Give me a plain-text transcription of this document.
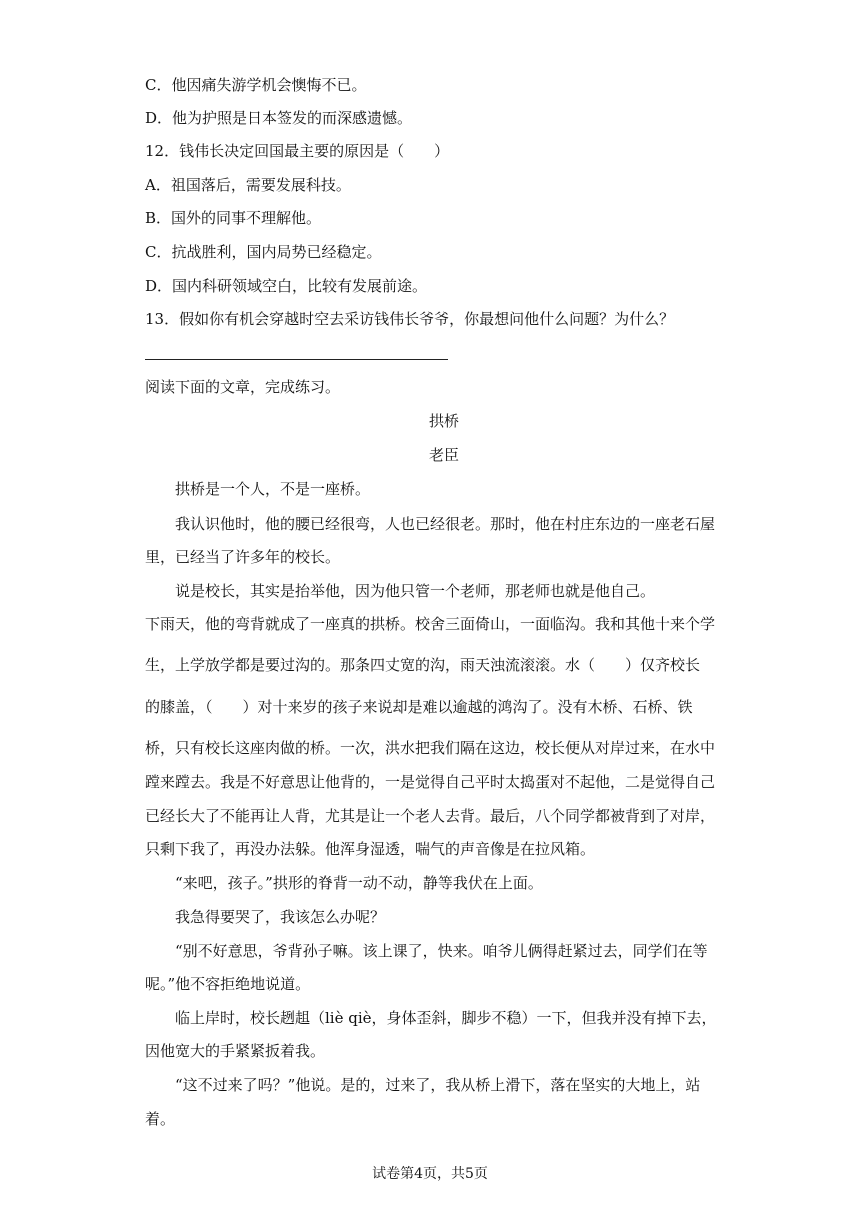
C．他因痛失游学机会懊悔不已。
D．他为护照是日本签发的而深感遗憾。
12．钱伟长决定回国最主要的原因是（　　）
A．祖国落后，需要发展科技。
B．国外的同事不理解他。
C．抗战胜利，国内局势已经稳定。
D．国内科研领域空白，比较有发展前途。
13．假如你有机会穿越时空去采访钱伟长爷爷，你最想问他什么问题？为什么？
阅读下面的文章，完成练习。
拱桥
老臣
拱桥是一个人，不是一座桥。
我认识他时，他的腰已经很弯，人也已经很老。那时，他在村庄东边的一座老石屋
里，已经当了许多年的校长。
说是校长，其实是抬举他，因为他只管一个老师，那老师也就是他自己。
下雨天，他的弯背就成了一座真的拱桥。校舍三面倚山，一面临沟。我和其他十来个学
生，上学放学都是要过沟的。那条四丈宽的沟，雨天浊流滚滚。水（　　）仅齐校长
的膝盖，（　　）对十来岁的孩子来说却是难以逾越的鸿沟了。没有木桥、石桥、铁
桥，只有校长这座肉做的桥。一次，洪水把我们隔在这边，校长便从对岸过来，在水中
蹚来蹚去。我是不好意思让他背的，一是觉得自己平时太捣蛋对不起他，二是觉得自己
已经长大了不能再让人背，尤其是让一个老人去背。最后，八个同学都被背到了对岸，
只剩下我了，再没办法躲。他浑身湿透，喘气的声音像是在拉风箱。
“来吧，孩子。”拱形的脊背一动不动，静等我伏在上面。
我急得要哭了，我该怎么办呢？
“别不好意思，爷背孙子嘛。该上课了，快来。咱爷儿俩得赶紧过去，同学们在等
呢。”他不容拒绝地说道。
临上岸时，校长趔趄（liè qiè，身体歪斜，脚步不稳）一下，但我并没有掉下去，
因他宽大的手紧紧扳着我。
“这不过来了吗？”他说。是的，过来了，我从桥上滑下，落在坚实的大地上，站
着。
试卷第4页，共5页
